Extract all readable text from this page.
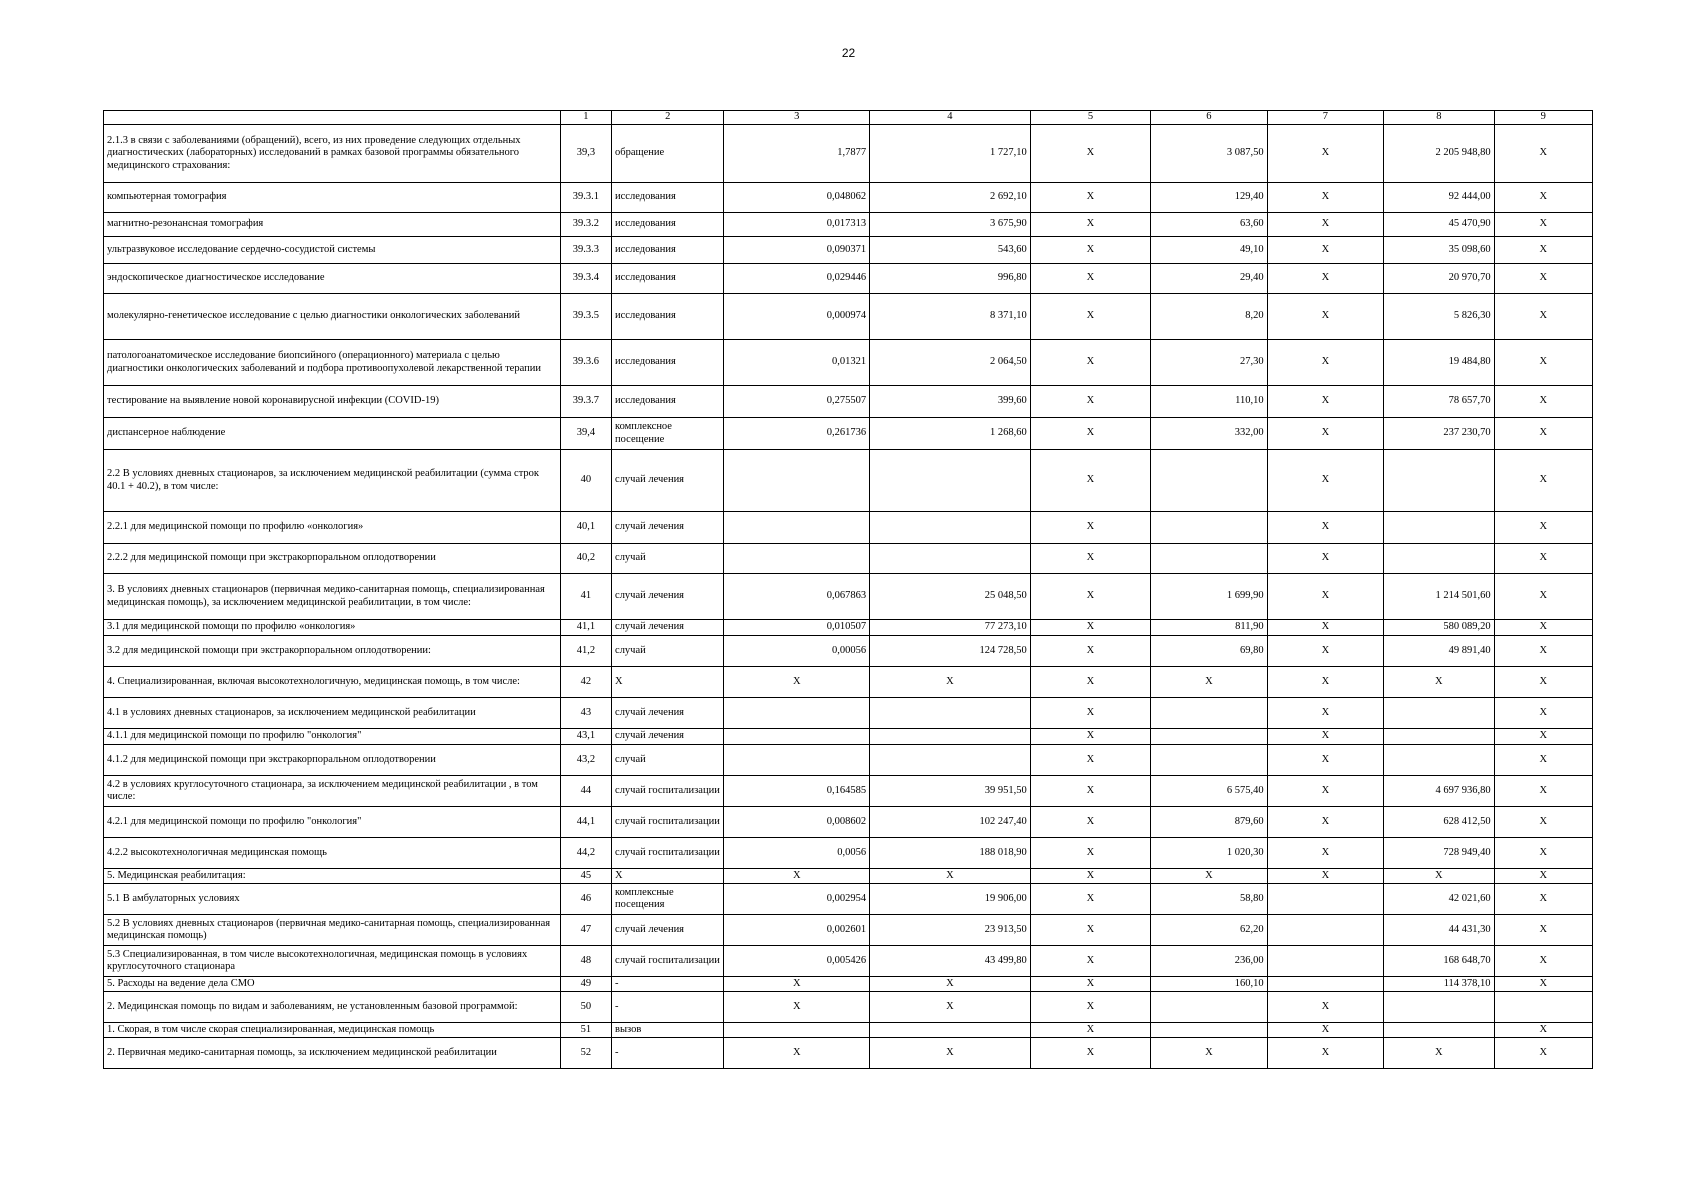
22
	1	2	3	4	5	6	7	8	9
2.1.3 в связи с заболеваниями (обращений), всего, из них проведение следующих отдельных диагностических (лабораторных) исследований в рамках базовой программы обязательного медицинского страхования:	39,3	обращение	1,7877	1 727,10	Х	3 087,50	Х	2 205 948,80	Х
компьютерная томография	39.3.1	исследования	0,048062	2 692,10	Х	129,40	Х	92 444,00	Х
магнитно-резонансная томография	39.3.2	исследования	0,017313	3 675,90	Х	63,60	Х	45 470,90	Х
ультразвуковое исследование сердечно-сосудистой системы	39.3.3	исследования	0,090371	543,60	Х	49,10	Х	35 098,60	Х
эндоскопическое диагностическое исследование	39.3.4	исследования	0,029446	996,80	Х	29,40	Х	20 970,70	Х
молекулярно-генетическое исследование с целью диагностики онкологических заболеваний	39.3.5	исследования	0,000974	8 371,10	Х	8,20	Х	5 826,30	Х
патологоанатомическое исследование биопсийного (операционного) материала с целью диагностики онкологических заболеваний и подбора противоопухолевой лекарственной терапии	39.3.6	исследования	0,01321	2 064,50	Х	27,30	Х	19 484,80	Х
тестирование на выявление новой коронавирусной инфекции (COVID-19)	39.3.7	исследования	0,275507	399,60	Х	110,10	Х	78 657,70	Х
диспансерное наблюдение	39,4	комплексное посещение	0,261736	1 268,60	Х	332,00	Х	237 230,70	Х
2.2 В условиях дневных стационаров, за исключением медицинской реабилитации (сумма строк 40.1 + 40.2), в том числе:	40	случай лечения			Х		Х		Х
2.2.1 для медицинской помощи по профилю «онкология»	40,1	случай лечения			Х		Х		Х
2.2.2 для медицинской помощи при экстракорпоральном оплодотворении	40,2	случай			Х		Х		Х
3. В условиях дневных стационаров (первичная медико-санитарная помощь, специализированная медицинская помощь), за исключением медицинской реабилитации, в том числе:	41	случай лечения	0,067863	25 048,50	Х	1 699,90	Х	1 214 501,60	Х
3.1 для медицинской помощи по профилю «онкология»	41,1	случай лечения	0,010507	77 273,10	Х	811,90	Х	580 089,20	Х
3.2 для медицинской помощи при экстракорпоральном оплодотворении:	41,2	случай	0,00056	124 728,50	Х	69,80	Х	49 891,40	Х
4. Специализированная, включая высокотехнологичную, медицинская помощь, в том числе:	42	Х	Х	Х	Х	Х	Х	Х	Х
4.1 в условиях дневных стационаров, за исключением медицинской реабилитации	43	случай лечения			Х		Х		Х
4.1.1 для медицинской помощи по профилю "онкология"	43,1	случай лечения			Х		Х		Х
4.1.2 для медицинской помощи при экстракорпоральном оплодотворении	43,2	случай			Х		Х		Х
4.2 в условиях круглосуточного стационара, за исключением медицинской реабилитации , в том числе:	44	случай госпитализации	0,164585	39 951,50	Х	6 575,40	Х	4 697 936,80	Х
4.2.1 для медицинской помощи по профилю "онкология"	44,1	случай госпитализации	0,008602	102 247,40	Х	879,60	Х	628 412,50	Х
4.2.2 высокотехнологичная медицинская помощь	44,2	случай госпитализации	0,0056	188 018,90	Х	1 020,30	Х	728 949,40	Х
5. Медицинская реабилитация:	45	Х	Х	Х	Х	Х	Х	Х	Х
5.1 В амбулаторных условиях	46	комплексные посещения	0,002954	19 906,00	Х	58,80		42 021,60	Х
5.2 В условиях дневных стационаров (первичная медико-санитарная помощь, специализированная медицинская помощь)	47	случай лечения	0,002601	23 913,50	Х	62,20		44 431,30	Х
5.3 Специализированная, в том числе высокотехнологичная, медицинская помощь в условиях круглосуточного стационара	48	случай госпитализации	0,005426	43 499,80	Х	236,00		168 648,70	Х
5. Расходы на ведение дела СМО	49	-	Х	Х	Х	160,10		114 378,10	Х
2. Медицинская помощь по видам и заболеваниям, не установленным базовой программой:	50	-	Х	Х	Х		Х		
1. Скорая, в том числе скорая специализированная, медицинская помощь	51	вызов			Х		Х		Х
2. Первичная медико-санитарная помощь, за исключением медицинской реабилитации	52	-	Х	Х	Х	Х	Х	Х	Х
